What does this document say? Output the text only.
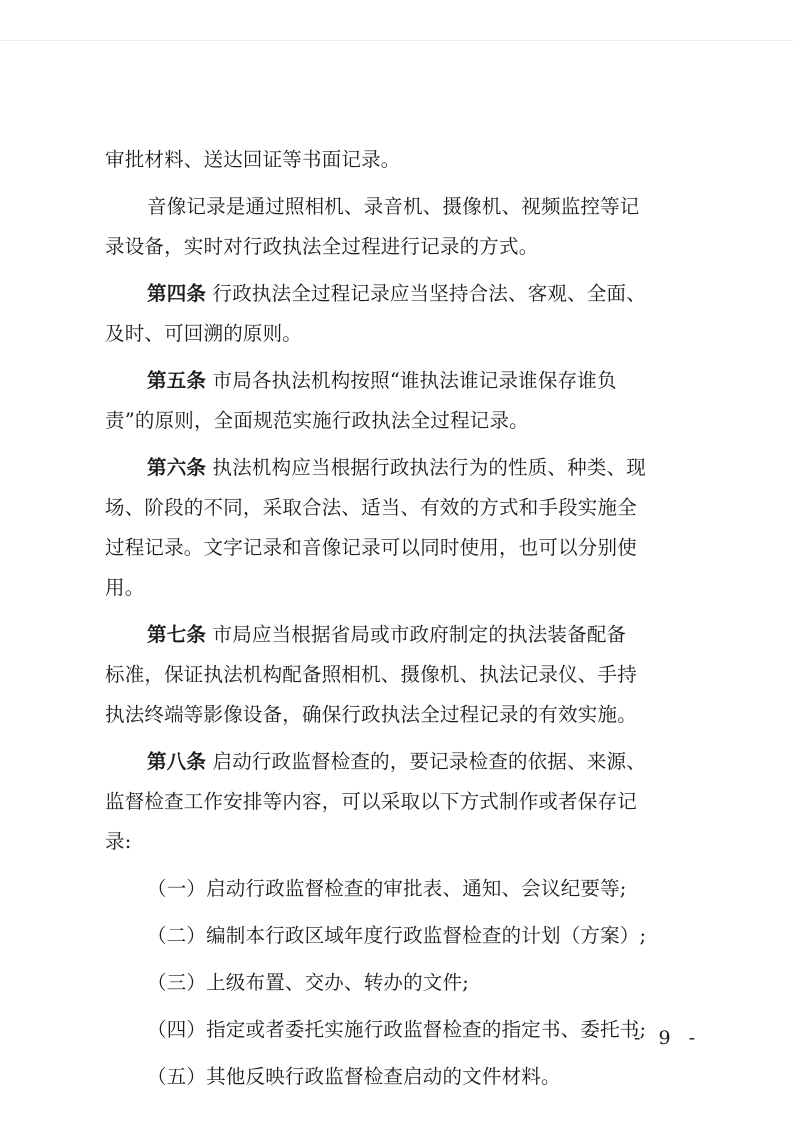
审批材料、送达回证等书面记录。
音像记录是通过照相机、录音机、摄像机、视频监控等记
录设备，实时对行政执法全过程进行记录的方式。
第四条 行政执法全过程记录应当坚持合法、客观、全面、
及时、可回溯的原则。
第五条 市局各执法机构按照“谁执法谁记录谁保存谁负
责”的原则，全面规范实施行政执法全过程记录。
第六条 执法机构应当根据行政执法行为的性质、种类、现
场、阶段的不同，采取合法、适当、有效的方式和手段实施全
过程记录。文字记录和音像记录可以同时使用，也可以分别使
用。
第七条 市局应当根据省局或市政府制定的执法装备配备
标准，保证执法机构配备照相机、摄像机、执法记录仪、手持
执法终端等影像设备，确保行政执法全过程记录的有效实施。
第八条 启动行政监督检查的，要记录检查的依据、来源、
监督检查工作安排等内容，可以采取以下方式制作或者保存记
录:
（一）启动行政监督检查的审批表、通知、会议纪要等;
（二）编制本行政区域年度行政监督检查的计划（方案）;
（三）上级布置、交办、转办的文件;
（四）指定或者委托实施行政监督检查的指定书、委托书;
（五）其他反映行政监督检查启动的文件材料。
- 9 -
